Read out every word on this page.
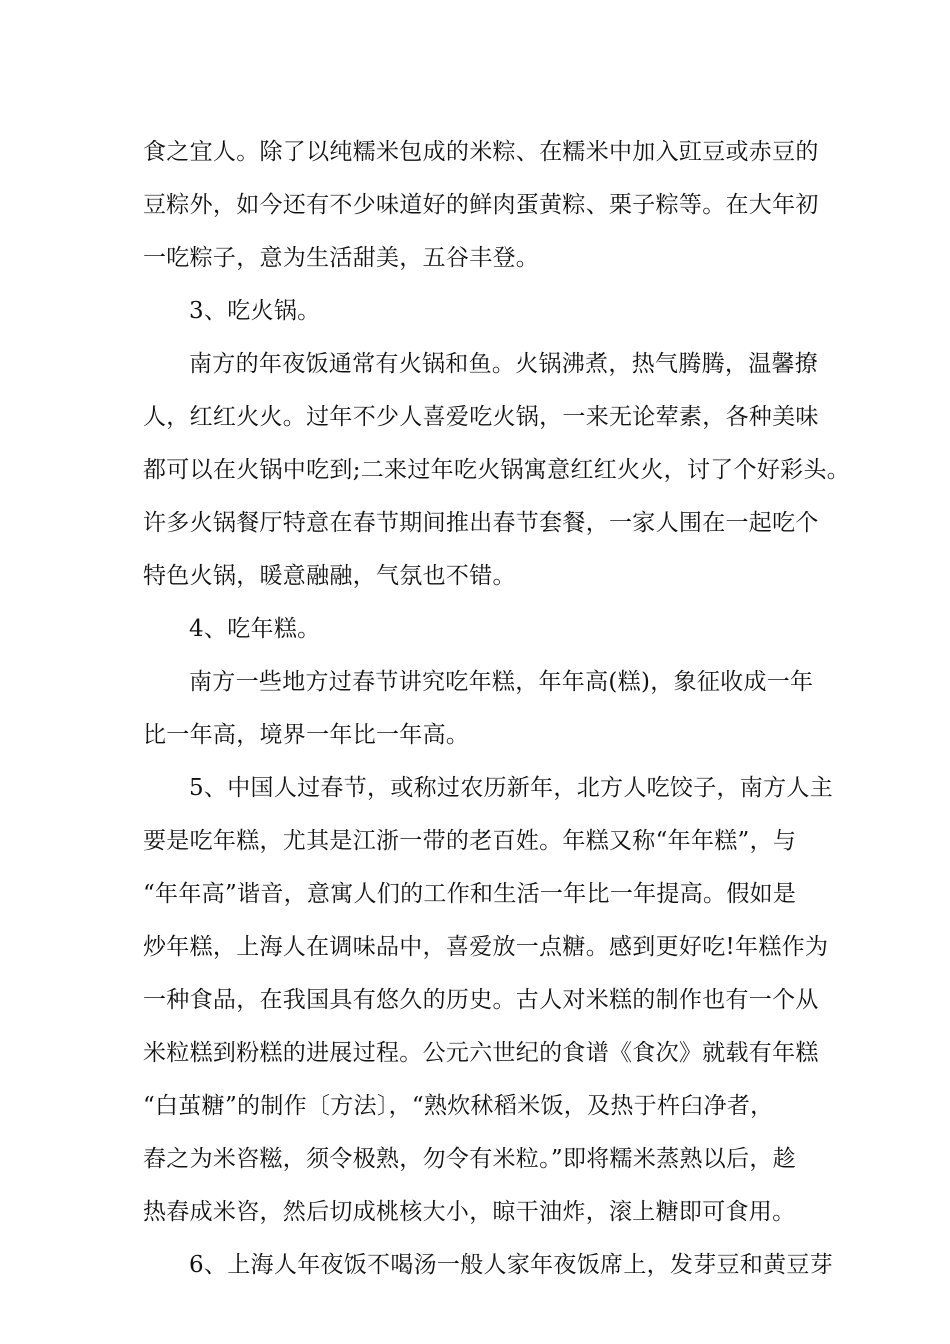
食之宜人。除了以纯糯米包成的米粽、在糯米中加入豇豆或赤豆的
豆粽外，如今还有不少味道好的鲜肉蛋黄粽、栗子粽等。在大年初
一吃粽子，意为生活甜美，五谷丰登。
3、吃火锅。
南方的年夜饭通常有火锅和鱼。火锅沸煮，热气腾腾，温馨撩
人，红红火火。过年不少人喜爱吃火锅，一来无论荤素，各种美味
都可以在火锅中吃到;二来过年吃火锅寓意红红火火，讨了个好彩头。
许多火锅餐厅特意在春节期间推出春节套餐，一家人围在一起吃个
特色火锅，暖意融融，气氛也不错。
4、吃年糕。
南方一些地方过春节讲究吃年糕，年年高(糕)，象征收成一年
比一年高，境界一年比一年高。
5、中国人过春节，或称过农历新年，北方人吃饺子，南方人主
要是吃年糕，尤其是江浙一带的老百姓。年糕又称“年年糕”，与
“年年高”谐音，意寓人们的工作和生活一年比一年提高。假如是
炒年糕，上海人在调味品中，喜爱放一点糖。感到更好吃!年糕作为
一种食品，在我国具有悠久的历史。古人对米糕的制作也有一个从
米粒糕到粉糕的进展过程。公元六世纪的食谱《食次》就载有年糕
“白茧糖”的制作〔方法〕，“熟炊秫稻米饭，及热于杵臼净者，
舂之为米咨糍，须令极熟，勿令有米粒。”即将糯米蒸熟以后，趁
热舂成米咨，然后切成桃核大小，晾干油炸，滚上糖即可食用。
6、上海人年夜饭不喝汤一般人家年夜饭席上，发芽豆和黄豆芽
